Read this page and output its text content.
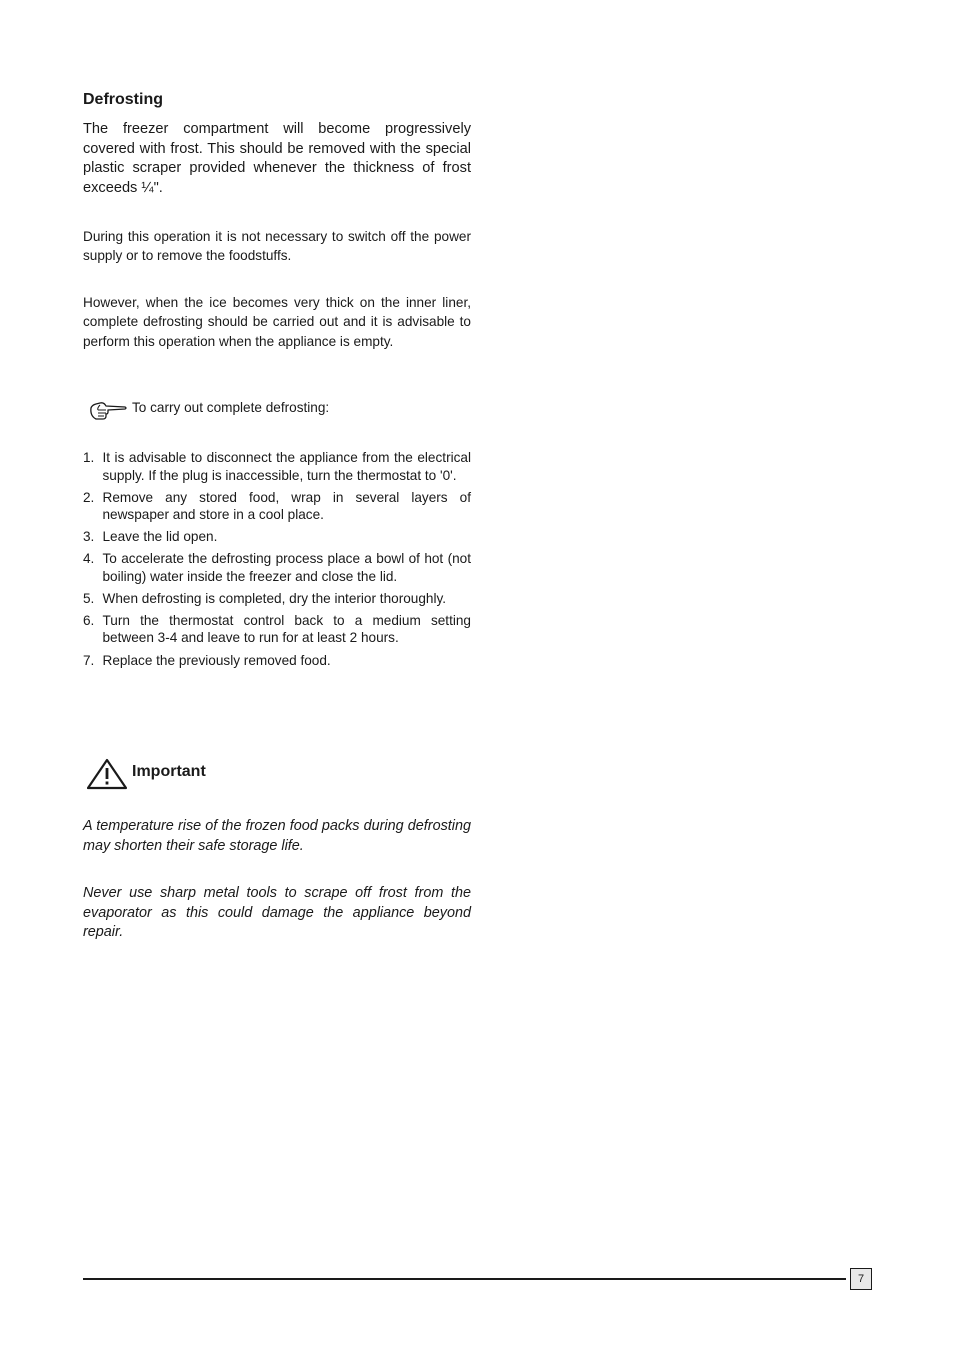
Defrosting

The freezer compartment will become progressively covered with frost. This should be removed with the special plastic scraper provided whenever the thickness of frost exceeds ¼".

During this operation it is not necessary to switch off the power supply or to remove the foodstuffs.

However, when the ice becomes very thick on the inner liner, complete defrosting should be carried out and it is advisable to perform this operation when the appliance is empty.

To carry out complete defrosting:
1. It is advisable to disconnect the appliance from the electrical supply. If the plug is inaccessible, turn the thermostat to '0'.
2. Remove any stored food, wrap in several layers of newspaper and store in a cool place.
3. Leave the lid open.
4. To accelerate the defrosting process place a bowl of hot (not boiling) water inside the freezer and close the lid.
5. When defrosting is completed, dry the interior thoroughly.
6. Turn the thermostat control back to a medium setting between 3-4 and leave to run for at least 2 hours.
7. Replace the previously removed food.
Important

A temperature rise of the frozen food packs during defrosting may shorten their safe storage life.

Never use sharp metal tools to scrape off frost from the evaporator as this could damage the appliance beyond repair.

7
